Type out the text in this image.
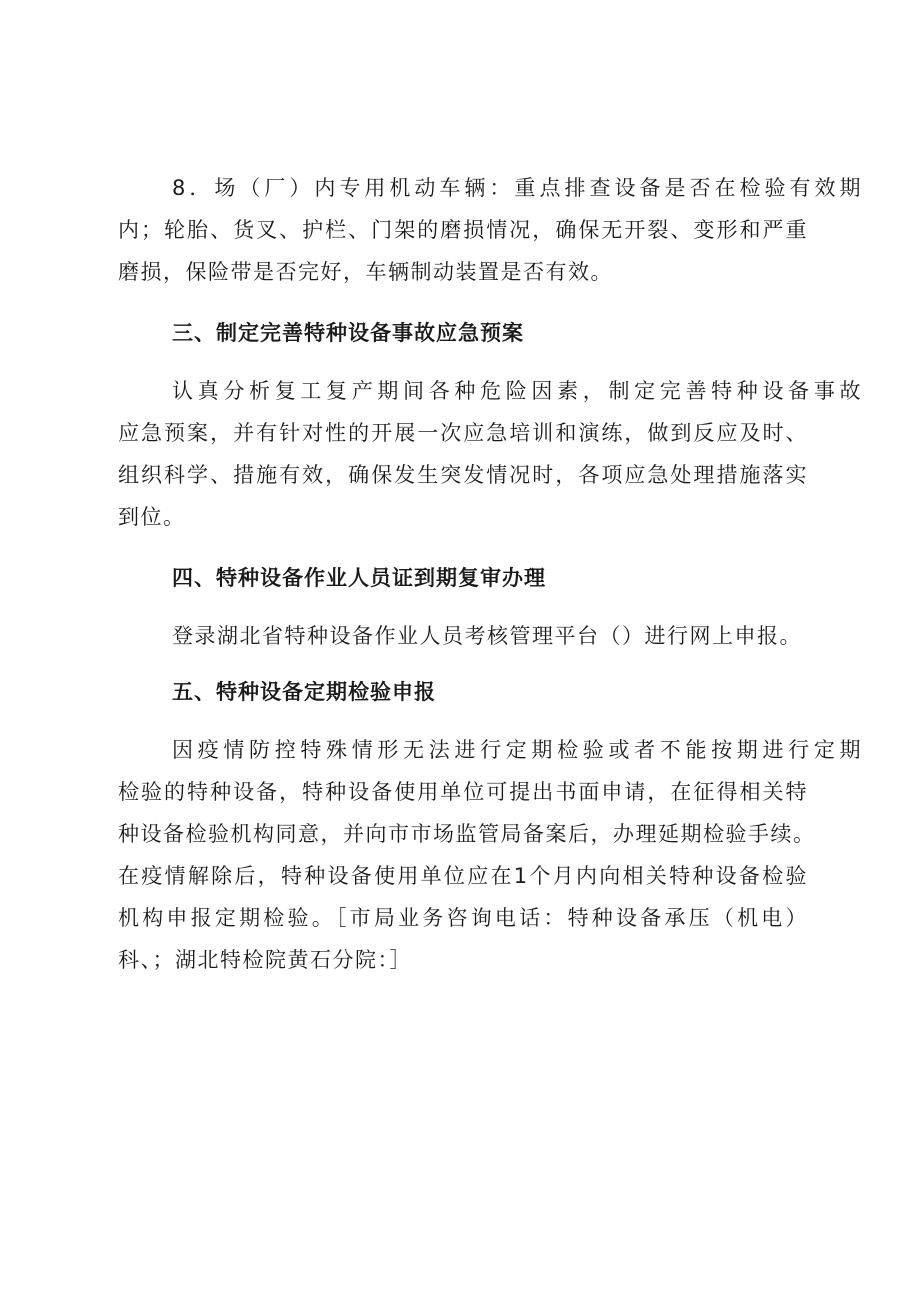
8．场（厂）内专用机动车辆：重点排查设备是否在检验有效期
内；轮胎、货叉、护栏、门架的磨损情况，确保无开裂、变形和严重
磨损，保险带是否完好，车辆制动装置是否有效。
三、制定完善特种设备事故应急预案
认真分析复工复产期间各种危险因素，制定完善特种设备事故
应急预案，并有针对性的开展一次应急培训和演练，做到反应及时、
组织科学、措施有效，确保发生突发情况时，各项应急处理措施落实
到位。
四、特种设备作业人员证到期复审办理
登录湖北省特种设备作业人员考核管理平台（）进行网上申报。
五、特种设备定期检验申报
因疫情防控特殊情形无法进行定期检验或者不能按期进行定期
检验的特种设备，特种设备使用单位可提出书面申请，在征得相关特
种设备检验机构同意，并向市市场监管局备案后，办理延期检验手续。
在疫情解除后，特种设备使用单位应在1个月内向相关特种设备检验
机构申报定期检验。［市局业务咨询电话：特种设备承压（机电）
科、；湖北特检院黄石分院：］
